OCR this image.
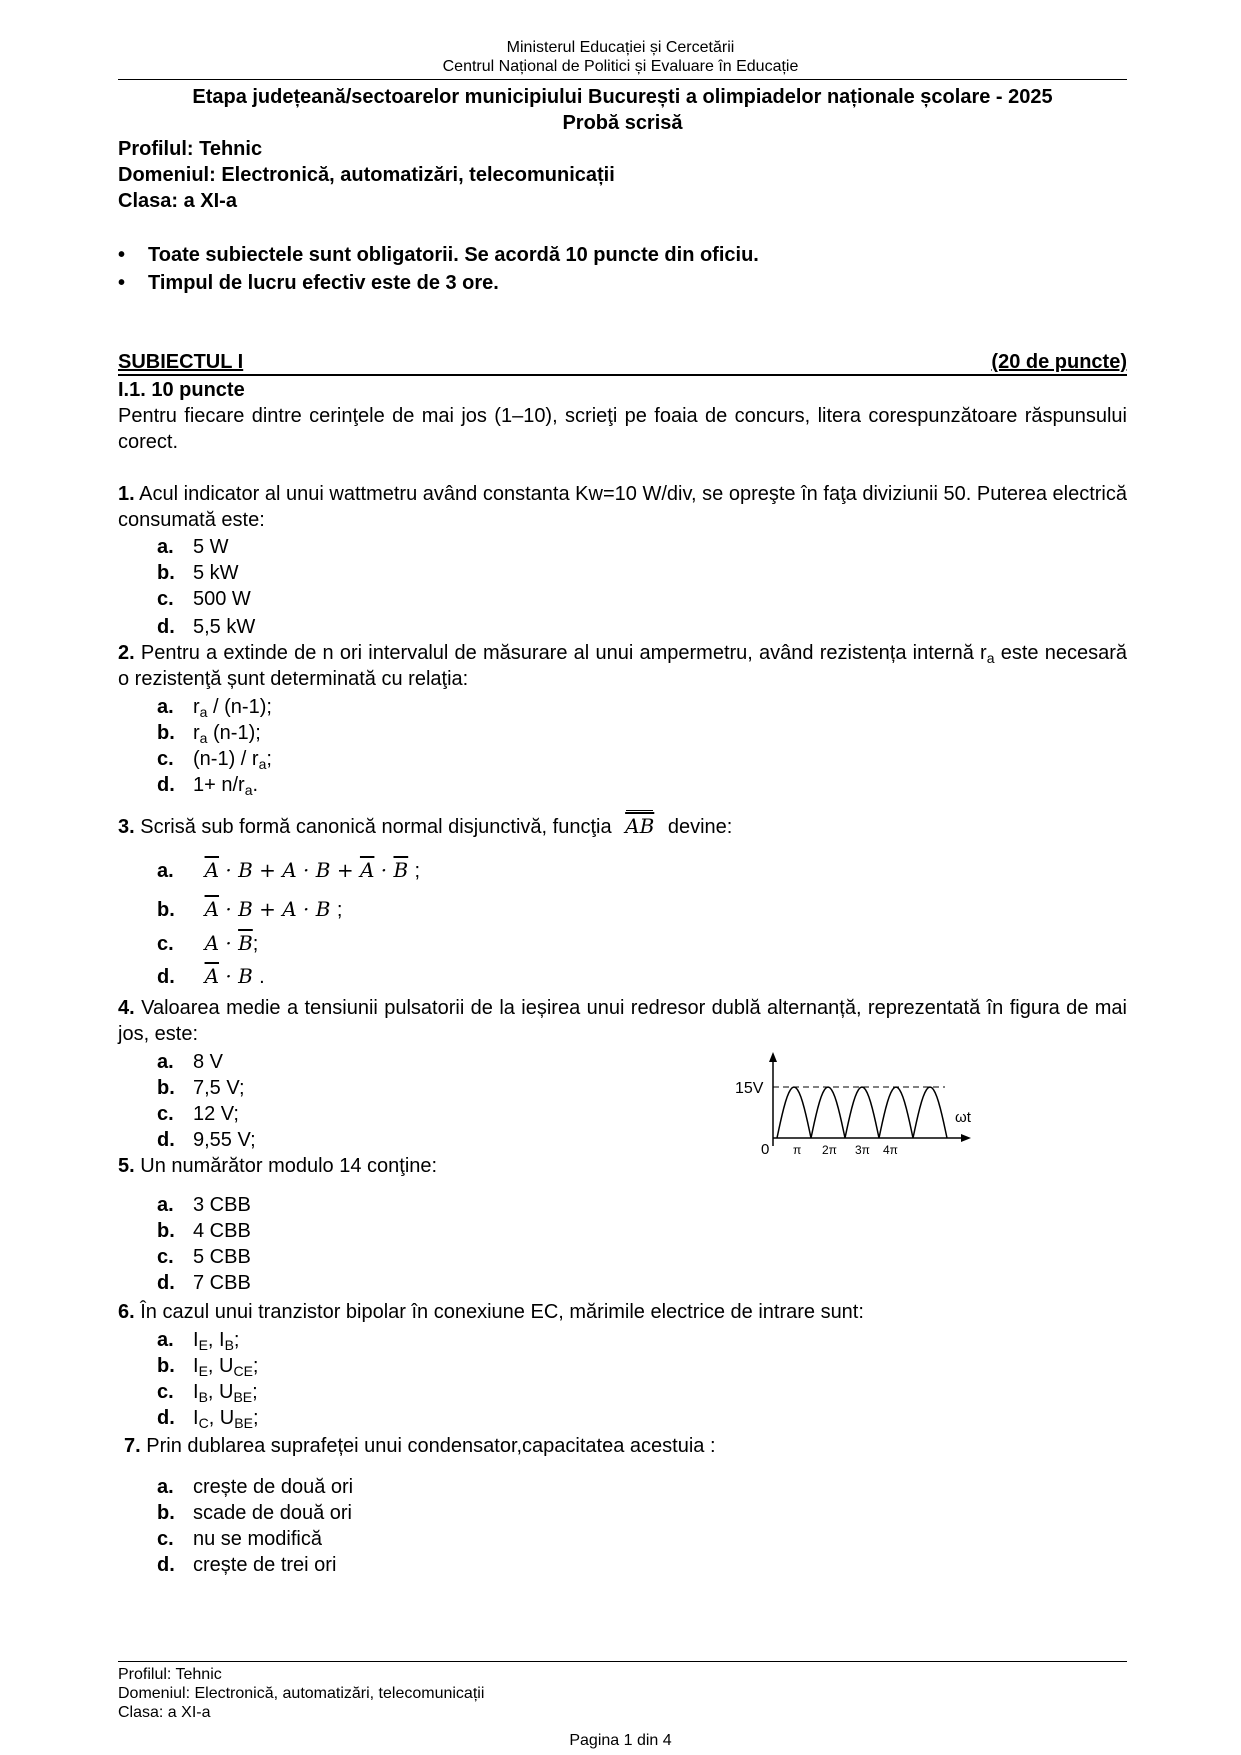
Ministerul Educației și Cercetării
Centrul Național de Politici și Evaluare în Educație
Etapa județeană/sectoarelor municipiului București a olimpiadelor naționale școlare - 2025
Probă scrisă
Profilul: Tehnic
Domeniul: Electronică, automatizări, telecomunicații
Clasa: a XI-a
• Toate subiectele sunt obligatorii. Se acordă 10 puncte din oficiu.
• Timpul de lucru efectiv este de 3 ore.
SUBIECTUL I	(20 de puncte)
I.1. 10 puncte
Pentru fiecare dintre cerinţele de mai jos (1–10), scrieţi pe foaia de concurs, litera corespunzătoare răspunsului corect.
1. Acul indicator al unui wattmetru având constanta Kw=10 W/div, se opreşte în faţa diviziunii 50. Puterea electrică consumată este:
a. 5 W
b. 5 kW
c. 500 W
d. 5,5 kW
2. Pentru a extinde de n ori intervalul de măsurare al unui ampermetru, având rezistența internă $r_a$ este necesară o rezistenţă șunt determinată cu relaţia:
a. $r_a / (n-1)$;
b. $r_a$ (n-1);
c. $(n-1) / r_a$;
d. $1+ n/r_a$.
3. Scrisă sub formă canonică normal disjunctivă, funcţia $\overline{AB}$ devine:
a. $\overline{A} \cdot B + A \cdot B + \overline{A} \cdot \overline{B}$ ;
b. $\overline{A} \cdot B + A \cdot B$ ;
c. $A \cdot \overline{B}$;
d. $\overline{A} \cdot B$ .
4. Valoarea medie a tensiunii pulsatorii de la ieșirea unui redresor dublă alternanță, reprezentată în figura de mai jos, este:
a. 8 V
b. 7,5 V;
c. 12 V;
d. 9,55 V;
15V
ωt
0 π 2π 3π 4π
5. Un numărător modulo 14 conţine:
a. 3 CBB
b. 4 CBB
c. 5 CBB
d. 7 CBB
6. În cazul unui tranzistor bipolar în conexiune EC, mărimile electrice de intrare sunt:
a. $I_E$, $I_B$;
b. $I_E$, $U_{CE}$;
c. $I_B$, $U_{BE}$;
d. $I_C$, $U_{BE}$;
7. Prin dublarea suprafeței unui condensator,capacitatea acestuia :
a. crește de două ori
b. scade de două ori
c. nu se modifică
d. crește de trei ori
Profilul: Tehnic
Domeniul: Electronică, automatizări, telecomunicații
Clasa: a XI-a
Pagina 1 din 4
